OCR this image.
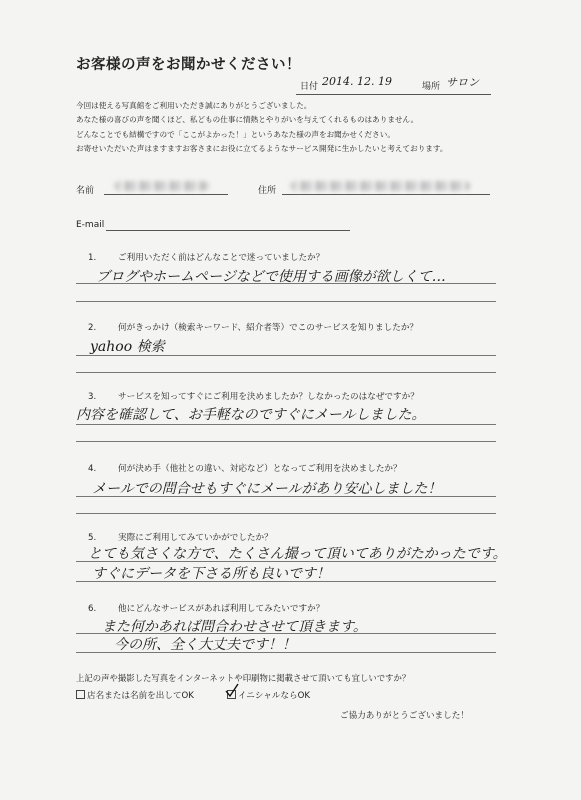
お客様の声をお聞かせください！
日付 2014. 12. 19	場所 サロン
今回は使える写真館をご利用いただき誠にありがとうございました。
あなた様の喜びの声を聞くほど、私どもの仕事に情熱とやりがいを与えてくれるものはありません。
どんなことでも結構ですので「ここがよかった！」というあなた様の声をお聞かせください。
お寄せいただいた声はますますお客さまにお役に立てるようなサービス開発に生かしたいと考えております。
名前	住所
E-mail
1.	ご利用いただく前はどんなことで迷っていましたか？
ブログやホームページなどで使用する画像が欲しくて…
2.	何がきっかけ（検索キーワード、紹介者等）でこのサービスを知りましたか？
yahoo 検索
3.	サービスを知ってすぐにご利用を決めましたか？しなかったのはなぜですか？
内容を確認して、お手軽なのですぐにメールしました。
4.	何が決め手（他社との違い、対応など）となってご利用を決めましたか？
メールでの問合せもすぐにメールがあり安心しました！
5.	実際にご利用してみていかがでしたか？
とても気さくな方で、たくさん撮って頂いてありがたかったです。
すぐにデータを下さる所も良いです！
6.	他にどんなサービスがあれば利用してみたいですか？
また何かあれば問合わせさせて頂きます。
今の所、全く大丈夫です！！
上記の声や撮影した写真をインターネットや印刷物に掲載させて頂いても宜しいですか？
店名または名前を出してOK	イニシャルならOK
ご協力ありがとうございました！
